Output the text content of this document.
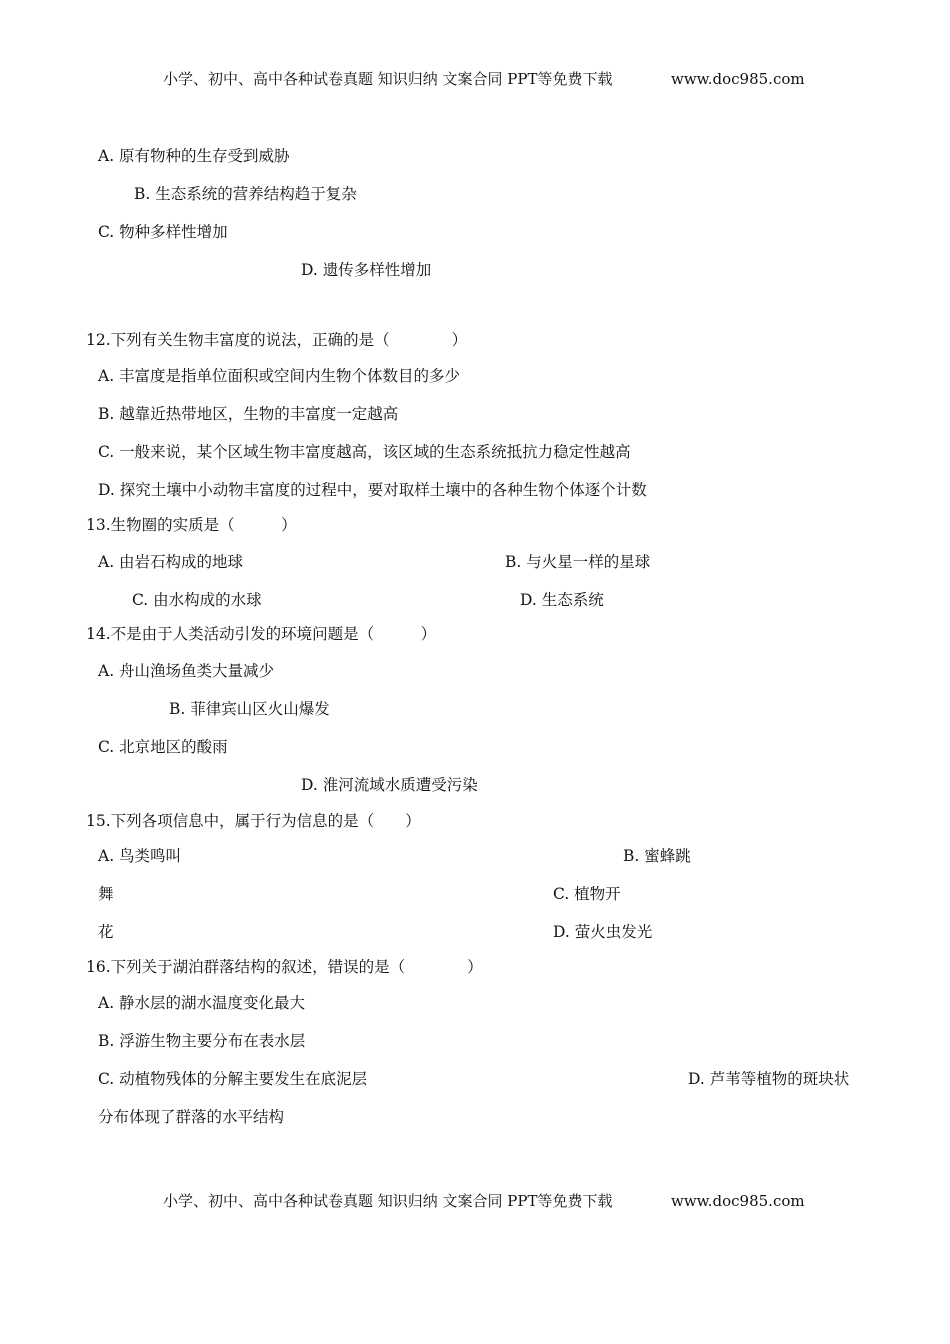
小学、初中、高中各种试卷真题 知识归纳 文案合同 PPT等免费下载	www.doc985.com
A. 原有物种的生存受到威胁
B. 生态系统的营养结构趋于复杂
C. 物种多样性增加
D. 遗传多样性增加
12.下列有关生物丰富度的说法，正确的是（　　　　）
A. 丰富度是指单位面积或空间内生物个体数目的多少
B. 越靠近热带地区，生物的丰富度一定越高
C. 一般来说，某个区域生物丰富度越高，该区域的生态系统抵抗力稳定性越高
D. 探究土壤中小动物丰富度的过程中，要对取样土壤中的各种生物个体逐个计数
13.生物圈的实质是（　　　）
A. 由岩石构成的地球	B. 与火星一样的星球
C. 由水构成的水球	D. 生态系统
14.不是由于人类活动引发的环境问题是（　　　）
A. 舟山渔场鱼类大量减少
B. 菲律宾山区火山爆发
C. 北京地区的酸雨
D. 淮河流域水质遭受污染
15.下列各项信息中，属于行为信息的是（　　）
A. 鸟类鸣叫	B. 蜜蜂跳
舞	C. 植物开
花	D. 萤火虫发光
16.下列关于湖泊群落结构的叙述，错误的是（　　　　）
A. 静水层的湖水温度变化最大
B. 浮游生物主要分布在表水层
C. 动植物残体的分解主要发生在底泥层	D. 芦苇等植物的斑块状
分布体现了群落的水平结构
小学、初中、高中各种试卷真题 知识归纳 文案合同 PPT等免费下载	www.doc985.com
